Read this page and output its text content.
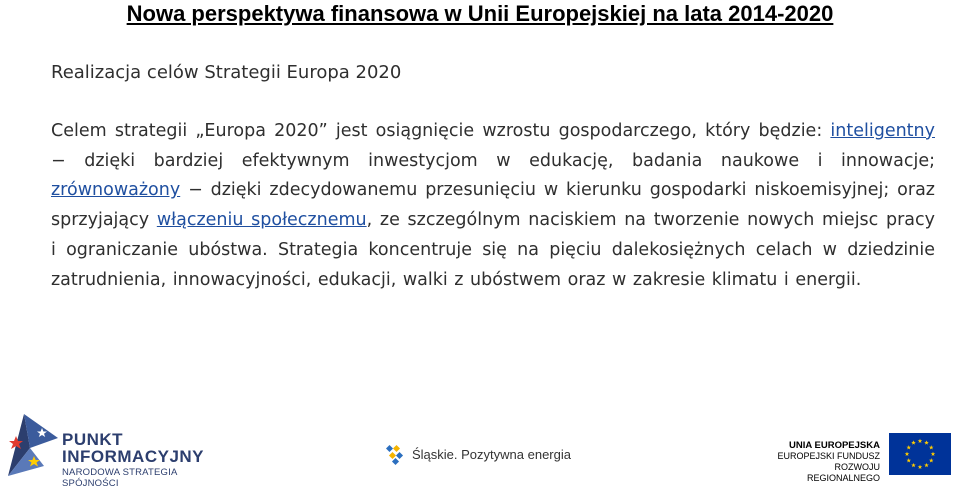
Nowa perspektywa finansowa w Unii Europejskiej na lata 2014-2020
Realizacja celów Strategii Europa 2020
Celem strategii „Europa 2020” jest osiągnięcie wzrostu gospodarczego, który będzie: inteligentny − dzięki bardziej efektywnym inwestycjom w edukację, badania naukowe i innowacje; zrównoważony − dzięki zdecydowanemu przesunięciu w kierunku gospodarki niskoemisyjnej; oraz sprzyjający włączeniu społecznemu, ze szczególnym naciskiem na tworzenie nowych miejsc pracy i ograniczanie ubóstwa. Strategia koncentruje się na pięciu dalekosiężnych celach w dziedzinie zatrudnienia, innowacyjności, edukacji, walki z ubóstwem oraz w zakresie klimatu i energii.
PUNKT
INFORMACYJNY
NARODOWA STRATEGIA SPÓJNOŚCI
Śląskie. Pozytywna energia
UNIA EUROPEJSKA
EUROPEJSKI FUNDUSZ
ROZWOJU REGIONALNEGO
